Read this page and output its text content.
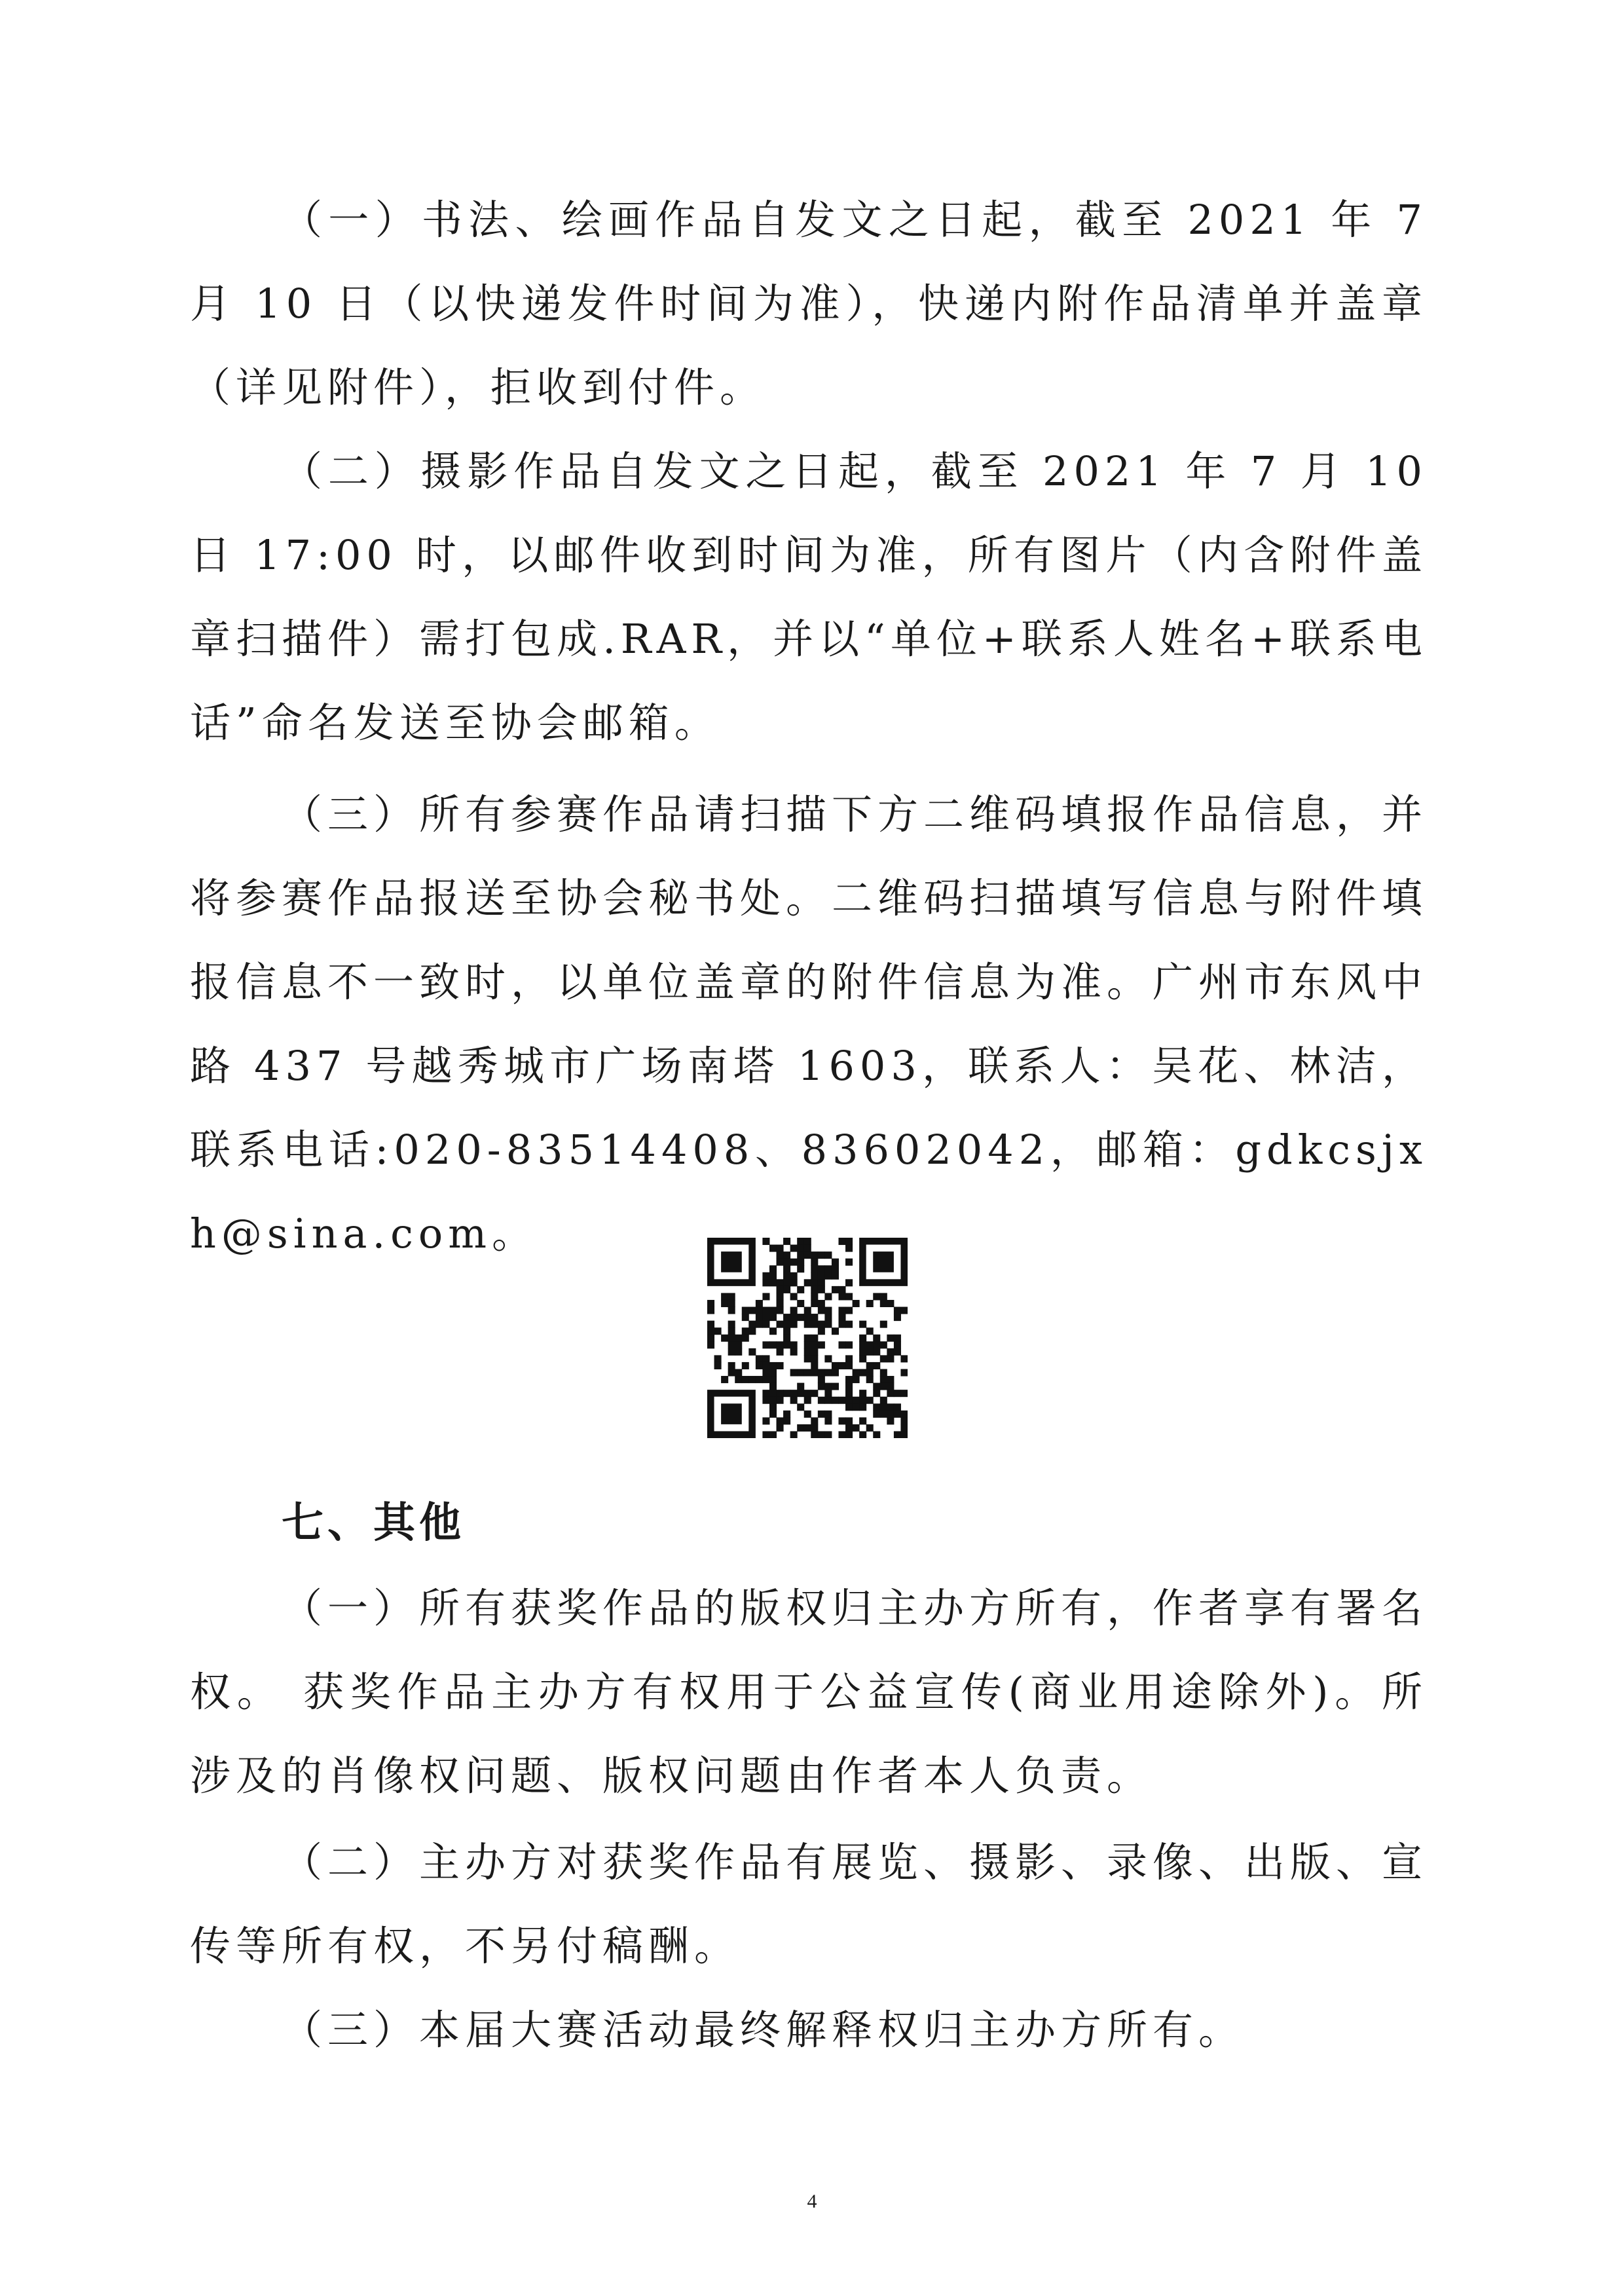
（一）书法、绘画作品自发文之日起，截至 2021 年 7 月 10 日（以快递发件时间为准），快递内附作品清单并盖章（详见附件），拒收到付件。

（二）摄影作品自发文之日起，截至 2021 年 7 月 10 日 17:00 时，以邮件收到时间为准，所有图片（内含附件盖章扫描件）需打包成.RAR，并以“单位+联系人姓名+联系电话”命名发送至协会邮箱。

（三）所有参赛作品请扫描下方二维码填报作品信息，并将参赛作品报送至协会秘书处。二维码扫描填写信息与附件填报信息不一致时，以单位盖章的附件信息为准。广州市东风中路 437 号越秀城市广场南塔 1603，联系人：吴花、林洁，联系电话:020-83514408、83602042，邮箱：gdkcsjxh@sina.com。

七、其他

（一）所有获奖作品的版权归主办方所有，作者享有署名权。 获奖作品主办方有权用于公益宣传(商业用途除外)。所涉及的肖像权问题、版权问题由作者本人负责。

（二）主办方对获奖作品有展览、摄影、录像、出版、宣传等所有权，不另付稿酬。

（三）本届大赛活动最终解释权归主办方所有。

4
